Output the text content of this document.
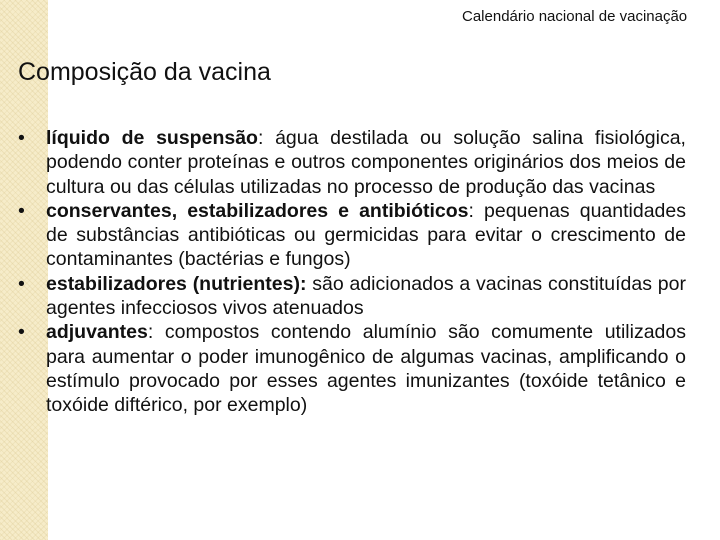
Calendário nacional de vacinação
Composição da vacina
•	líquido de suspensão: água destilada ou solução salina fisiológica, podendo conter proteínas e outros componentes originários dos meios de cultura ou das células utilizadas no processo de produção das vacinas
•	conservantes, estabilizadores e antibióticos: pequenas quantidades de substâncias antibióticas ou germicidas para evitar o crescimento de contaminantes (bactérias e fungos)
•	estabilizadores (nutrientes): são adicionados a vacinas constituídas por agentes infecciosos vivos atenuados
•	adjuvantes: compostos contendo alumínio são comumente utilizados para aumentar o poder imunogênico de algumas vacinas, amplificando o estímulo provocado por esses agentes imunizantes (toxóide tetânico e toxóide diftérico, por exemplo)
